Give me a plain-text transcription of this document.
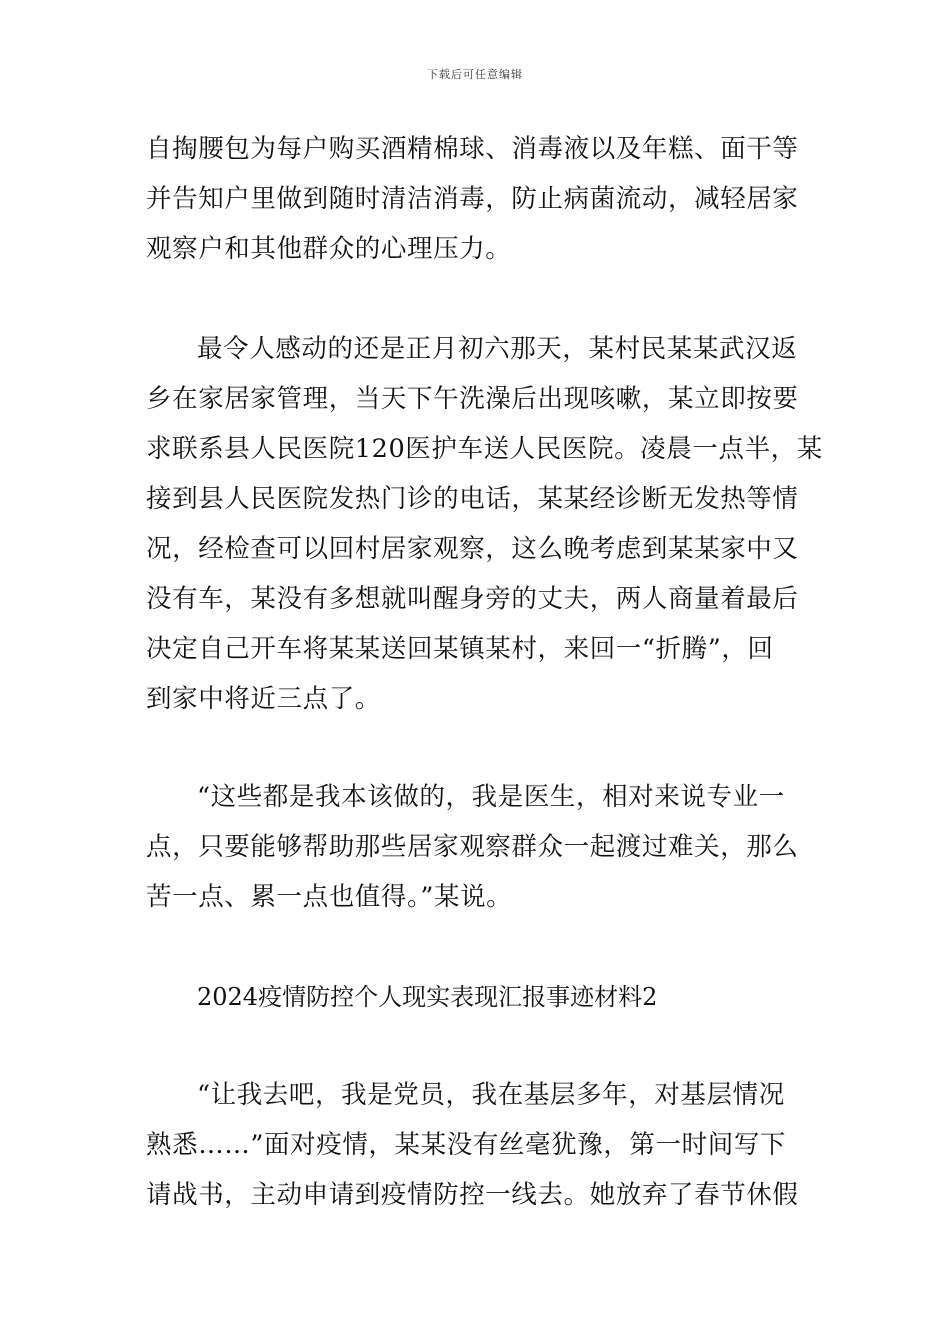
下载后可任意编辑
自掏腰包为每户购买酒精棉球、消毒液以及年糕、面干等
并告知户里做到随时清洁消毒，防止病菌流动，减轻居家
观察户和其他群众的心理压力。
最令人感动的还是正月初六那天，某村民某某武汉返
乡在家居家管理，当天下午洗澡后出现咳嗽，某立即按要
求联系县人民医院120医护车送人民医院。凌晨一点半，某
接到县人民医院发热门诊的电话，某某经诊断无发热等情
况，经检查可以回村居家观察，这么晚考虑到某某家中又
没有车，某没有多想就叫醒身旁的丈夫，两人商量着最后
决定自己开车将某某送回某镇某村，来回一“折腾”，回
到家中将近三点了。
“这些都是我本该做的，我是医生，相对来说专业一
点，只要能够帮助那些居家观察群众一起渡过难关，那么
苦一点、累一点也值得。”某说。
2024疫情防控个人现实表现汇报事迹材料2
“让我去吧，我是党员，我在基层多年，对基层情况
熟悉……”面对疫情，某某没有丝毫犹豫，第一时间写下
请战书，主动申请到疫情防控一线去。她放弃了春节休假
